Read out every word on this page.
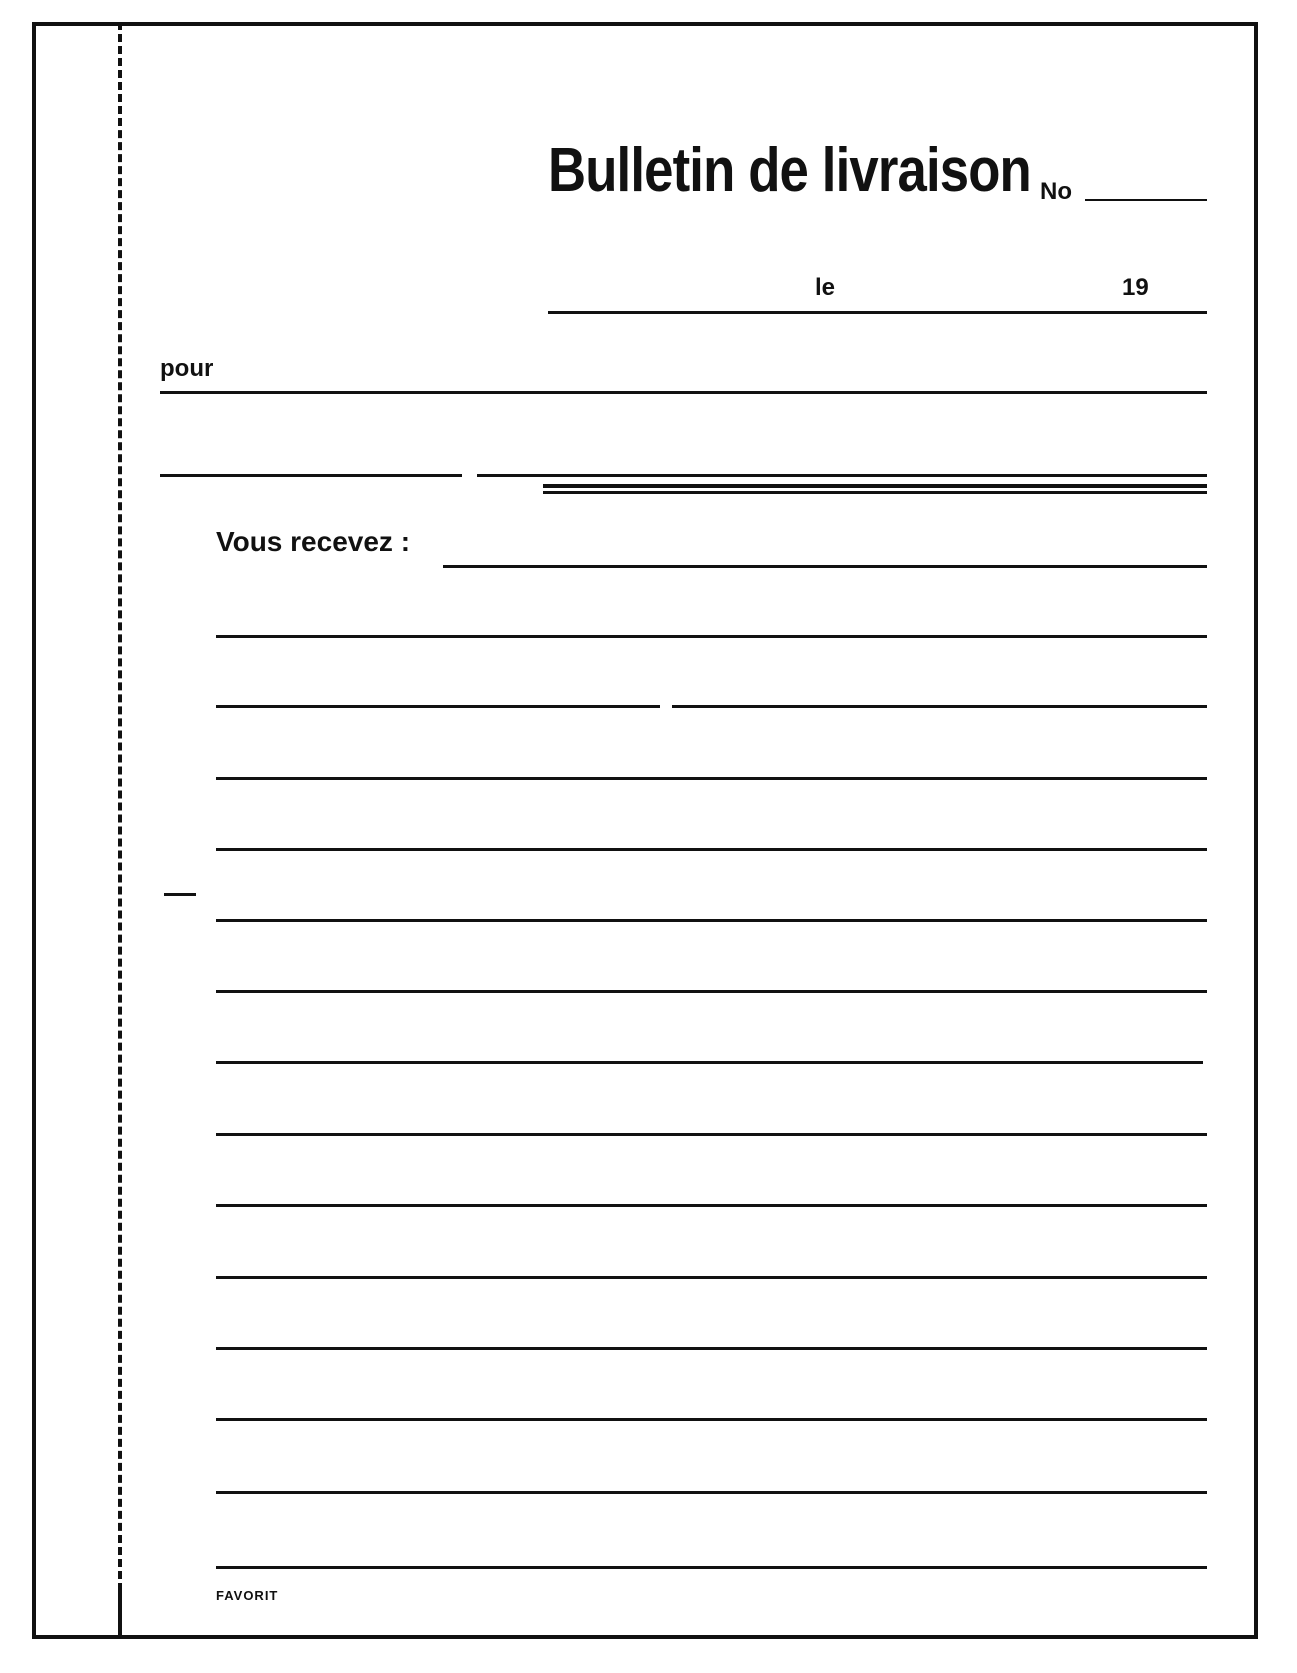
Bulletin de livraison No
le	19
pour
Vous recevez :
FAVORIT
